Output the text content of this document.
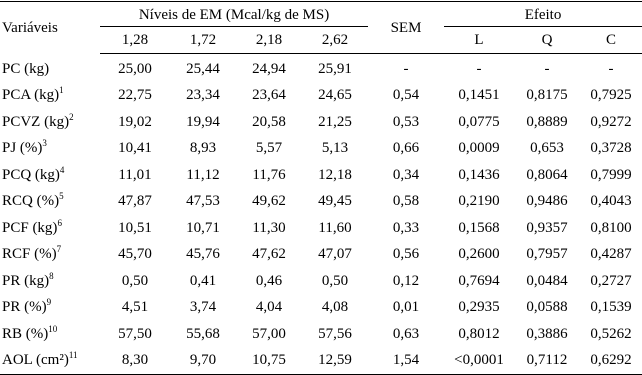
Variáveis	Níveis de EM (Mcal/kg de MS)				SEM	Efeito		
	1,28	1,72	2,18	2,62		L	Q	C
PC (kg)	25,00	25,44	24,94	25,91	-	-	-	-
PCA (kg)$^1$	22,75	23,34	23,64	24,65	0,54	0,1451	0,8175	0,7925
PCVZ (kg)$^2$	19,02	19,94	20,58	21,25	0,53	0,0775	0,8889	0,9272
PJ (%)$^3$	10,41	8,93	5,57	5,13	0,66	0,0009	0,653	0,3728
PCQ (kg)$^4$	11,01	11,12	11,76	12,18	0,34	0,1436	0,8064	0,7999
RCQ (%)$^5$	47,87	47,53	49,62	49,45	0,58	0,2190	0,9486	0,4043
PCF (kg)$^6$	10,51	10,71	11,30	11,60	0,33	0,1568	0,9357	0,8100
RCF (%)$^7$	45,70	45,76	47,62	47,07	0,56	0,2600	0,7957	0,4287
PR (kg)$^8$	0,50	0,41	0,46	0,50	0,12	0,7694	0,0484	0,2727
PR (%)$^9$	4,51	3,74	4,04	4,08	0,01	0,2935	0,0588	0,1539
RB (%)$^{10}$	57,50	55,68	57,00	57,56	0,63	0,8012	0,3886	0,5262
AOL $(cm^2)^{11}$	8,30	9,70	10,75	12,59	1,54	<0,0001	0,7112	0,6292
